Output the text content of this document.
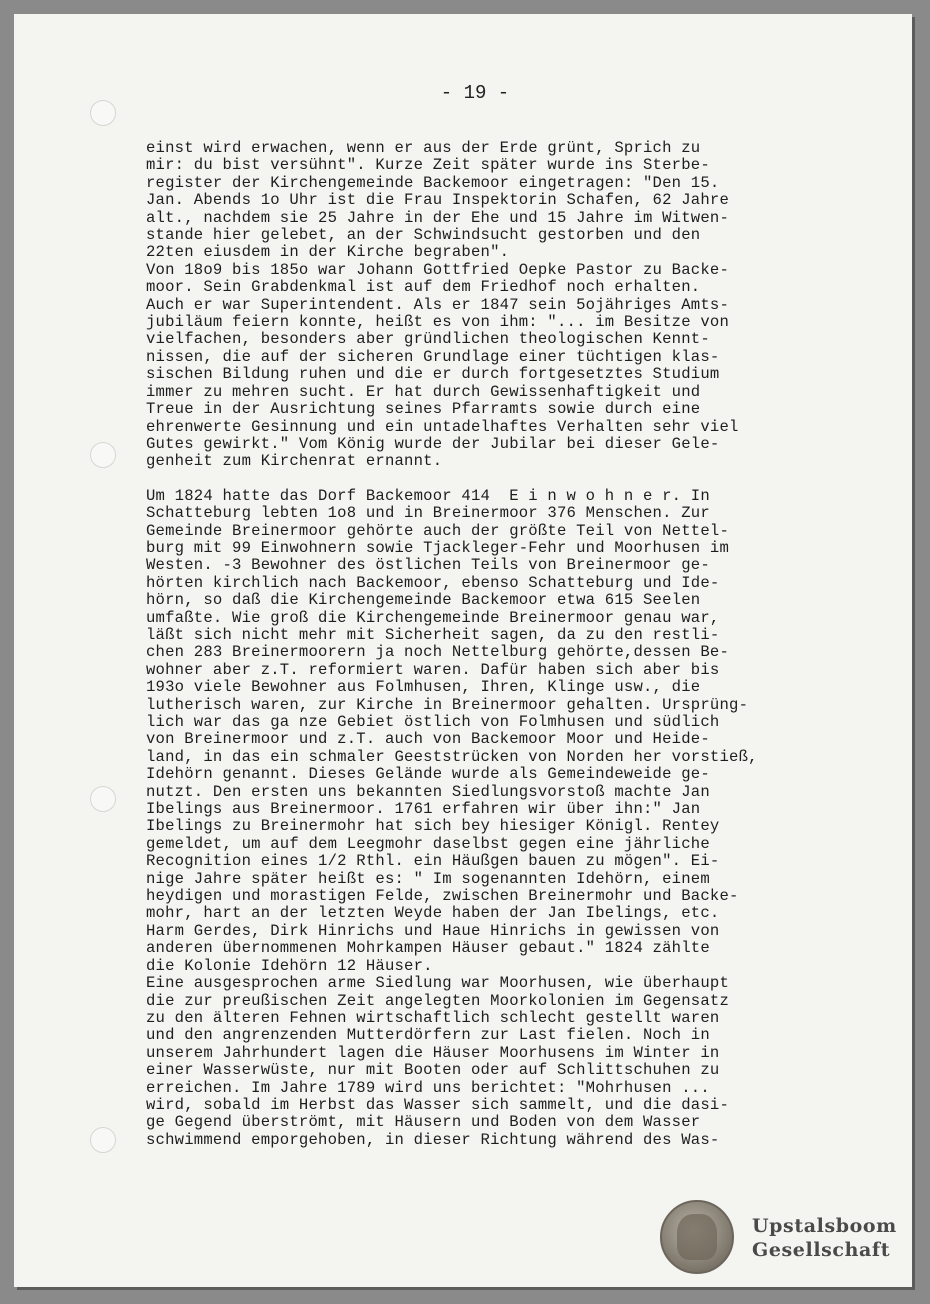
- 19 -
einst wird erwachen, wenn er aus der Erde grünt, Sprich zu
mir: du bist versühnt". Kurze Zeit später wurde ins Sterbe-
register der Kirchengemeinde Backemoor eingetragen: "Den 15.
Jan. Abends 1o Uhr ist die Frau Inspektorin Schafen, 62 Jahre
alt., nachdem sie 25 Jahre in der Ehe und 15 Jahre im Witwen-
stande hier gelebet, an der Schwindsucht gestorben und den
22ten eiusdem in der Kirche begraben".
Von 18o9 bis 185o war Johann Gottfried Oepke Pastor zu Backe-
moor. Sein Grabdenkmal ist auf dem Friedhof noch erhalten.
Auch er war Superintendent. Als er 1847 sein 5ojähriges Amts-
jubiläum feiern konnte, heißt es von ihm: "... im Besitze von
vielfachen, besonders aber gründlichen theologischen Kennt-
nissen, die auf der sicheren Grundlage einer tüchtigen klas-
sischen Bildung ruhen und die er durch fortgesetztes Studium
immer zu mehren sucht. Er hat durch Gewissenhaftigkeit und
Treue in der Ausrichtung seines Pfarramts sowie durch eine
ehrenwerte Gesinnung und ein untadelhaftes Verhalten sehr viel
Gutes gewirkt." Vom König wurde der Jubilar bei dieser Gele-
genheit zum Kirchenrat ernannt.
Um 1824 hatte das Dorf Backemoor 414  E i n w o h n e r. In
Schatteburg lebten 1o8 und in Breinermoor 376 Menschen. Zur
Gemeinde Breinermoor gehörte auch der größte Teil von Nettel-
burg mit 99 Einwohnern sowie Tjackleger-Fehr und Moorhusen im
Westen. -3 Bewohner des östlichen Teils von Breinermoor ge-
hörten kirchlich nach Backemoor, ebenso Schatteburg und Ide-
hörn, so daß die Kirchengemeinde Backemoor etwa 615 Seelen
umfaßte. Wie groß die Kirchengemeinde Breinermoor genau war,
läßt sich nicht mehr mit Sicherheit sagen, da zu den restli-
chen 283 Breinermoorern ja noch Nettelburg gehörte,dessen Be-
wohner aber z.T. reformiert waren. Dafür haben sich aber bis
193o viele Bewohner aus Folmhusen, Ihren, Klinge usw., die
lutherisch waren, zur Kirche in Breinermoor gehalten. Ursprüng-
lich war das ga nze Gebiet östlich von Folmhusen und südlich
von Breinermoor und z.T. auch von Backemoor Moor und Heide-
land, in das ein schmaler Geeststrücken von Norden her vorstieß,
Idehörn genannt. Dieses Gelände wurde als Gemeindeweide ge-
nutzt. Den ersten uns bekannten Siedlungsvorstoß machte Jan
Ibelings aus Breinermoor. 1761 erfahren wir über ihn:" Jan
Ibelings zu Breinermohr hat sich bey hiesiger Königl. Rentey
gemeldet, um auf dem Leegmohr daselbst gegen eine jährliche
Recognition eines 1/2 Rthl. ein Häußgen bauen zu mögen". Ei-
nige Jahre später heißt es: " Im sogenannten Idehörn, einem
heydigen und morastigen Felde, zwischen Breinermohr und Backe-
mohr, hart an der letzten Weyde haben der Jan Ibelings, etc.
Harm Gerdes, Dirk Hinrichs und Haue Hinrichs in gewissen von
anderen übernommenen Mohrkampen Häuser gebaut." 1824 zählte
die Kolonie Idehörn 12 Häuser.
Eine ausgesprochen arme Siedlung war Moorhusen, wie überhaupt
die zur preußischen Zeit angelegten Moorkolonien im Gegensatz
zu den älteren Fehnen wirtschaftlich schlecht gestellt waren
und den angrenzenden Mutterdörfern zur Last fielen. Noch in
unserem Jahrhundert lagen die Häuser Moorhusens im Winter in
einer Wasserwüste, nur mit Booten oder auf Schlittschuhen zu
erreichen. Im Jahre 1789 wird uns berichtet: "Mohrhusen ...
wird, sobald im Herbst das Wasser sich sammelt, und die dasi-
ge Gegend überströmt, mit Häusern und Boden von dem Wasser
schwimmend emporgehoben, in dieser Richtung während des Was-
Upstalsboom
Gesellschaft
